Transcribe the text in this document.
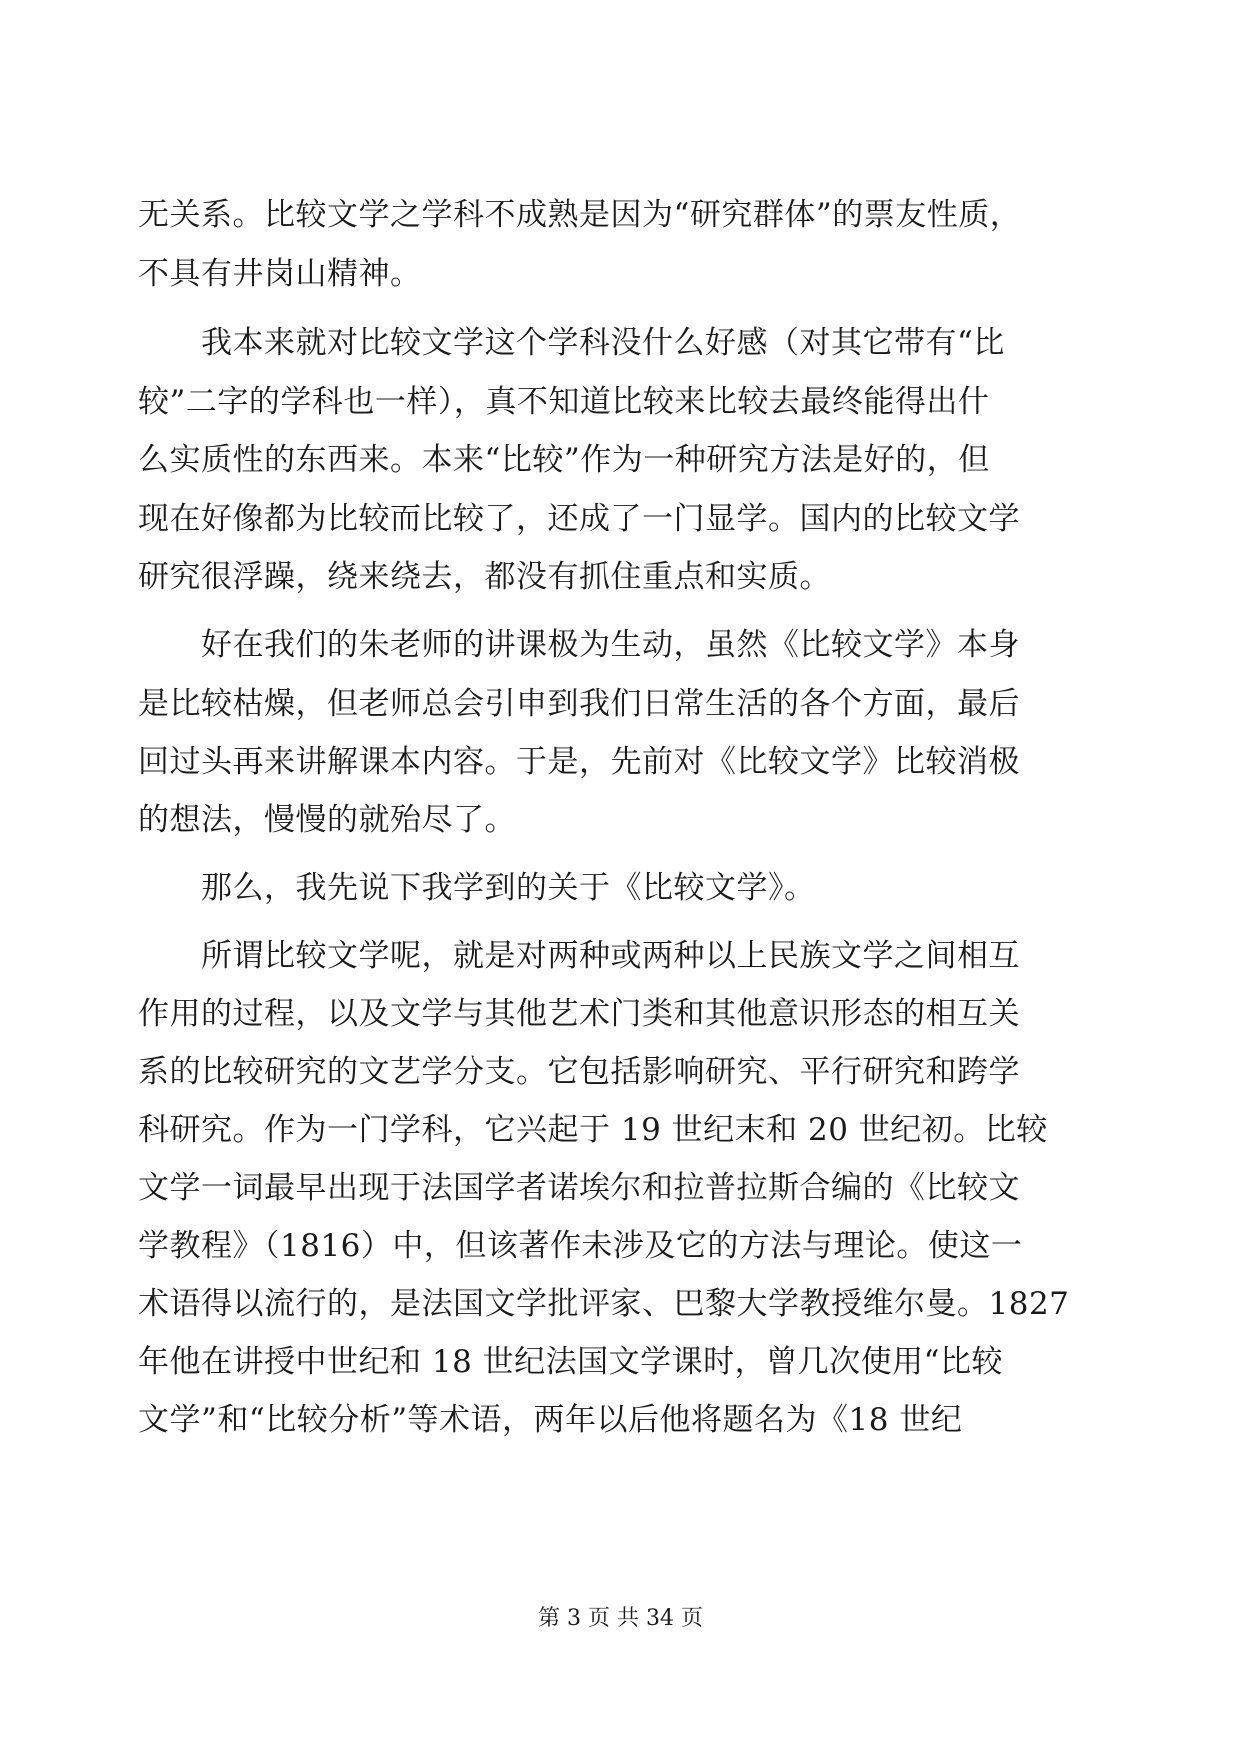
无关系。比较文学之学科不成熟是因为“研究群体”的票友性质，
不具有井岗山精神。
　　我本来就对比较文学这个学科没什么好感（对其它带有“比
较”二字的学科也一样），真不知道比较来比较去最终能得出什
么实质性的东西来。本来“比较”作为一种研究方法是好的，但
现在好像都为比较而比较了，还成了一门显学。国内的比较文学
研究很浮躁，绕来绕去，都没有抓住重点和实质。
　　好在我们的朱老师的讲课极为生动，虽然《比较文学》本身
是比较枯燥，但老师总会引申到我们日常生活的各个方面，最后
回过头再来讲解课本内容。于是，先前对《比较文学》比较消极
的想法，慢慢的就殆尽了。
　　那么，我先说下我学到的关于《比较文学》。
　　所谓比较文学呢，就是对两种或两种以上民族文学之间相互
作用的过程，以及文学与其他艺术门类和其他意识形态的相互关
系的比较研究的文艺学分支。它包括影响研究、平行研究和跨学
科研究。作为一门学科，它兴起于 19 世纪末和 20 世纪初。比较
文学一词最早出现于法国学者诺埃尔和拉普拉斯合编的《比较文
学教程》（1816）中，但该著作未涉及它的方法与理论。使这一
术语得以流行的，是法国文学批评家、巴黎大学教授维尔曼。1827
年他在讲授中世纪和 18 世纪法国文学课时，曾几次使用“比较
文学”和“比较分析”等术语，两年以后他将题名为《18 世纪
第 3 页 共 34 页
